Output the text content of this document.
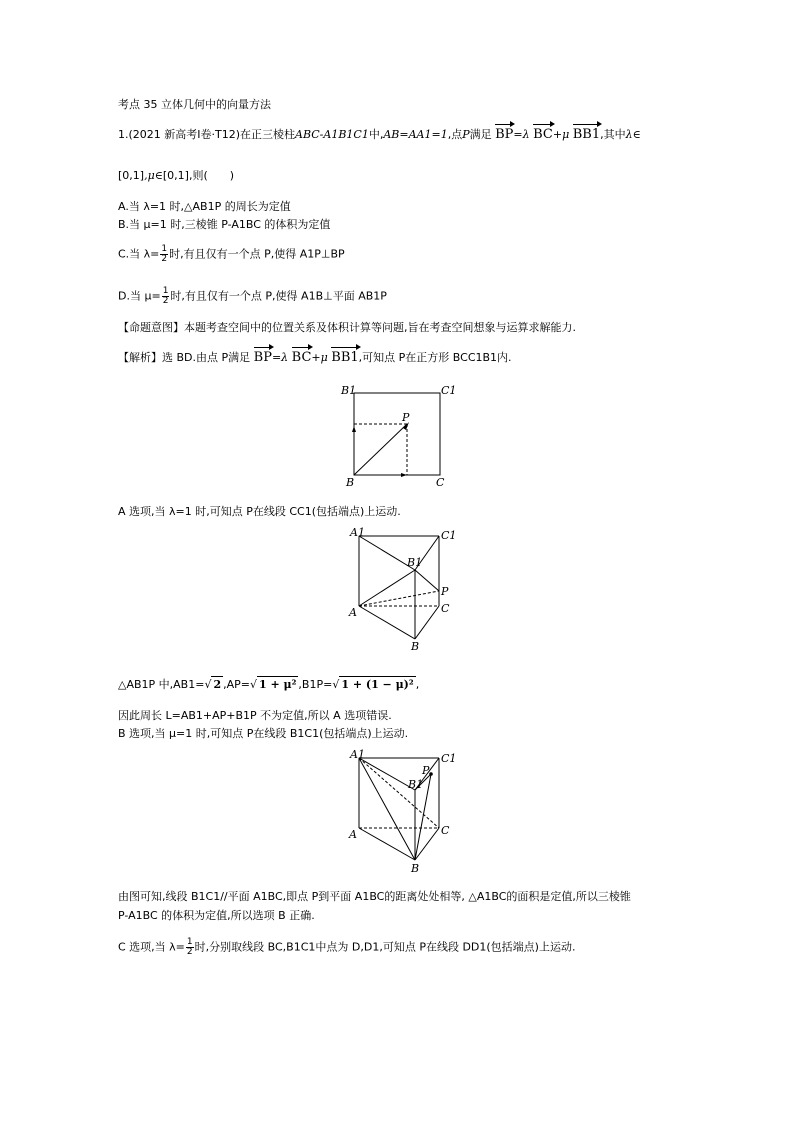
考点 35 立体几何中的向量方法
1.(2021 新高考Ⅰ卷·T12)在正三棱柱ABC-A1B1C1中,AB=AA1=1,点P满足 BP=λ BC+μ BB1,其中λ∈
[0,1],μ∈[0,1],则(　　)
A.当 λ=1 时,△AB1P 的周长为定值
B.当 μ=1 时,三棱锥 P-A1BC 的体积为定值
C.当 $\lambda= \frac{1}{2}$ 时,有且仅有一个点 P,使得 A1P⊥BP
D.当 $\mu= \frac{1}{2}$ 时,有且仅有一个点 P,使得 A1B⊥平面 AB1P
【命题意图】本题考查空间中的位置关系及体积计算等问题,旨在考查空间想象与运算求解能力.
【解析】选 BD.由点 P满足 BP=λ BC+μ BB1,可知点 P在正方形 BCC1B1内.
B1	C1
P
B	C
A 选项,当 λ=1 时,可知点 P在线段 CC1(包括端点)上运动.
A1	C1
B1
P
A	C
B
△AB1P 中,AB1=√ 2 ,AP=√ 1 + μ² ,B1P=√ 1 + (1 − μ)² ,
因此周长 L=AB1+AP+B1P 不为定值,所以 A 选项错误.
B 选项,当 μ=1 时,可知点 P在线段 B1C1(包括端点)上运动.
A1	C1
P
B1
A	C
B
由图可知,线段 B1C1//平面 A1BC,即点 P到平面 A1BC的距离处处相等, △A1BC的面积是定值,所以三棱锥
P-A1BC 的体积为定值,所以选项 B 正确.
C 选项,当 $\lambda= \frac{1}{2}$ 时,分别取线段 BC,B1C1中点为 D,D1,可知点 P在线段 DD1(包括端点)上运动.
